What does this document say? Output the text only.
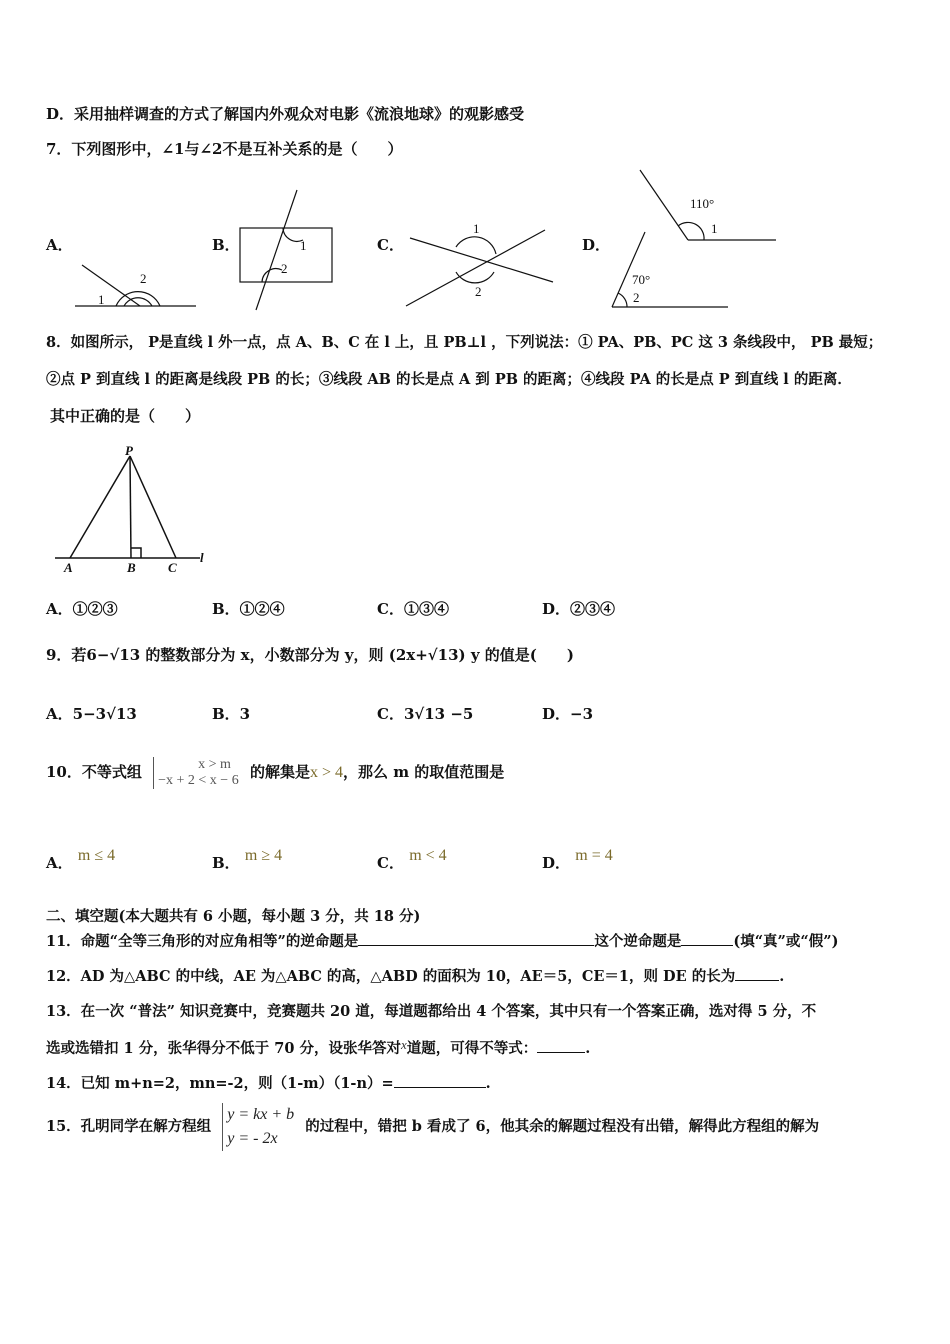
D．采用抽样调查的方式了解国内外观众对电影《流浪地球》的观影感受
7．下列图形中，∠1与∠2不是互补关系的是（　　）
A．	B．	C．	D．
1
2
1
2
1
2
110°
1
70°
2
P
A	B C
l
8．如图所示， P是直线 l 外一点，点 A、B、C 在 l 上，且 PB⊥l ，下列说法：① PA、PB、PC 这 3 条线段中， PB 最短；
②点 P 到直线 l 的距离是线段 PB 的长；③线段 AB 的长是点 A 到 PB 的距离；④线段 PA 的长是点 P 到直线 l 的距离．
其中正确的是（　　）
A．①②③	B．①②④	C．①③④	D．②③④
9．若6−√13 的整数部分为 x，小数部分为 y，则 (2x+√13) y 的值是(　　)
A．5−3√13	B．3	C．3√13 −5	D．−3
10．不等式组	x > m
−x + 2 < x − 6 的解集是x > 4，那么 m 的取值范围是
A． m ≤ 4	B． m ≥ 4	C． m < 4	D． m = 4
二、填空题(本大题共有 6 小题，每小题 3 分，共 18 分)
11．命题“全等三角形的对应角相等”的逆命题是	这个逆命题是	(填“真”或“假”)
12．AD 为△ABC 的中线，AE 为△ABC 的高，△ABD 的面积为 10，AE＝5，CE＝1，则 DE 的长为	.
13．在一次 “普法” 知识竞赛中，竞赛题共 20 道，每道题都给出 4 个答案，其中只有一个答案正确，选对得 5 分，不
选或选错扣 1 分，张华得分不低于 70 分，设张华答对x道题，可得不等式：	.
14．已知 m+n=2，mn=-2，则（1-m）（1-n）=	.
15．孔明同学在解方程组
y = kx + b
y = - 2x
的过程中，错把 b 看成了 6，他其余的解题过程没有出错，解得此方程组的解为
